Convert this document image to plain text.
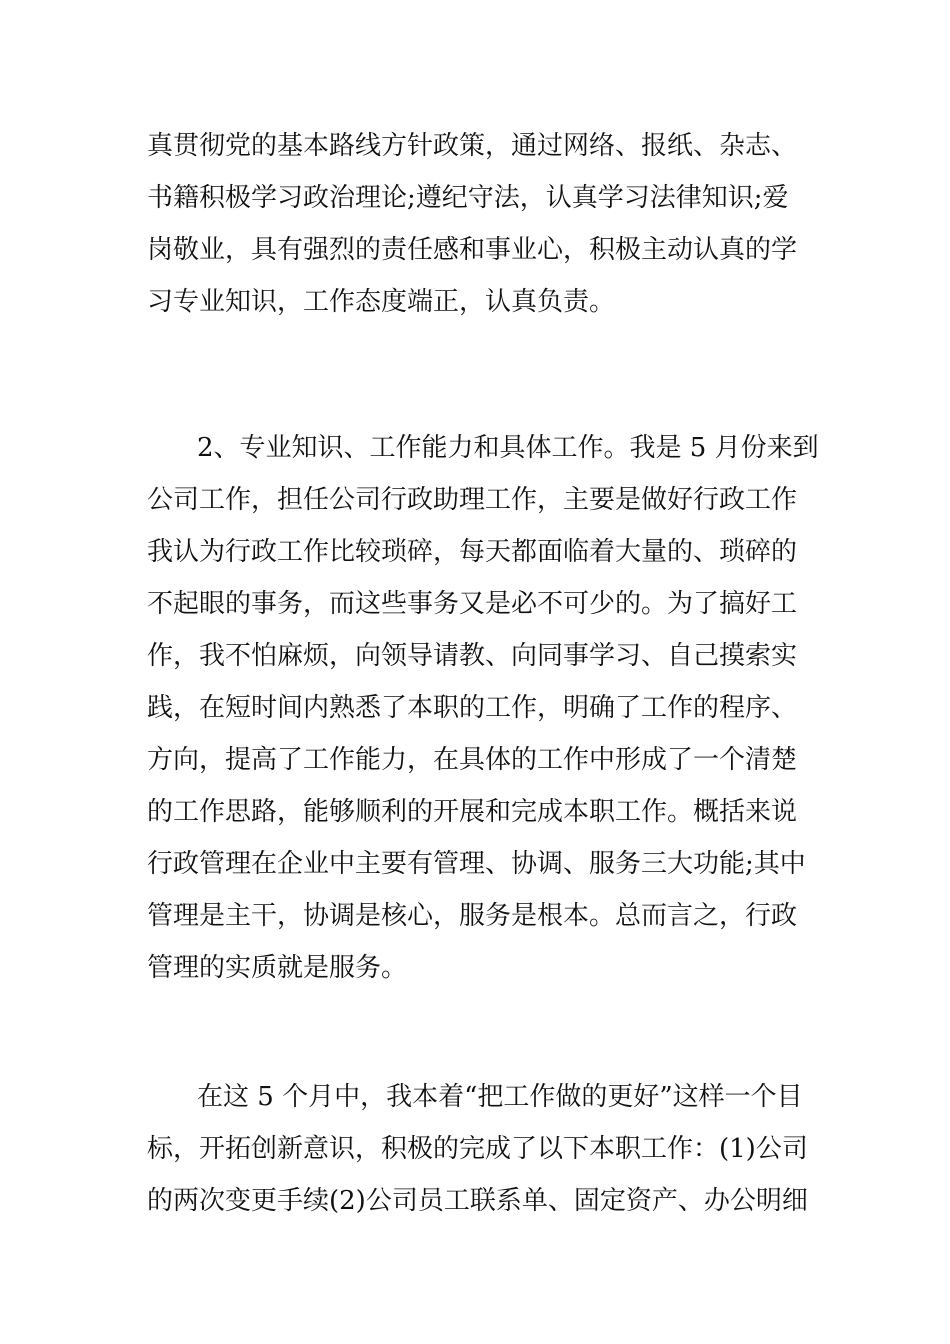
真贯彻党的基本路线方针政策，通过网络、报纸、杂志、
书籍积极学习政治理论;遵纪守法，认真学习法律知识;爱
岗敬业，具有强烈的责任感和事业心，积极主动认真的学
习专业知识，工作态度端正，认真负责。
2、专业知识、工作能力和具体工作。我是 5 月份来到
公司工作，担任公司行政助理工作，主要是做好行政工作
我认为行政工作比较琐碎，每天都面临着大量的、琐碎的
不起眼的事务，而这些事务又是必不可少的。为了搞好工
作，我不怕麻烦，向领导请教、向同事学习、自己摸索实
践，在短时间内熟悉了本职的工作，明确了工作的程序、
方向，提高了工作能力，在具体的工作中形成了一个清楚
的工作思路，能够顺利的开展和完成本职工作。概括来说
行政管理在企业中主要有管理、协调、服务三大功能;其中
管理是主干，协调是核心，服务是根本。总而言之，行政
管理的实质就是服务。
在这 5 个月中，我本着“把工作做的更好”这样一个目
标，开拓创新意识，积极的完成了以下本职工作：(1)公司
的两次变更手续(2)公司员工联系单、固定资产、办公明细
